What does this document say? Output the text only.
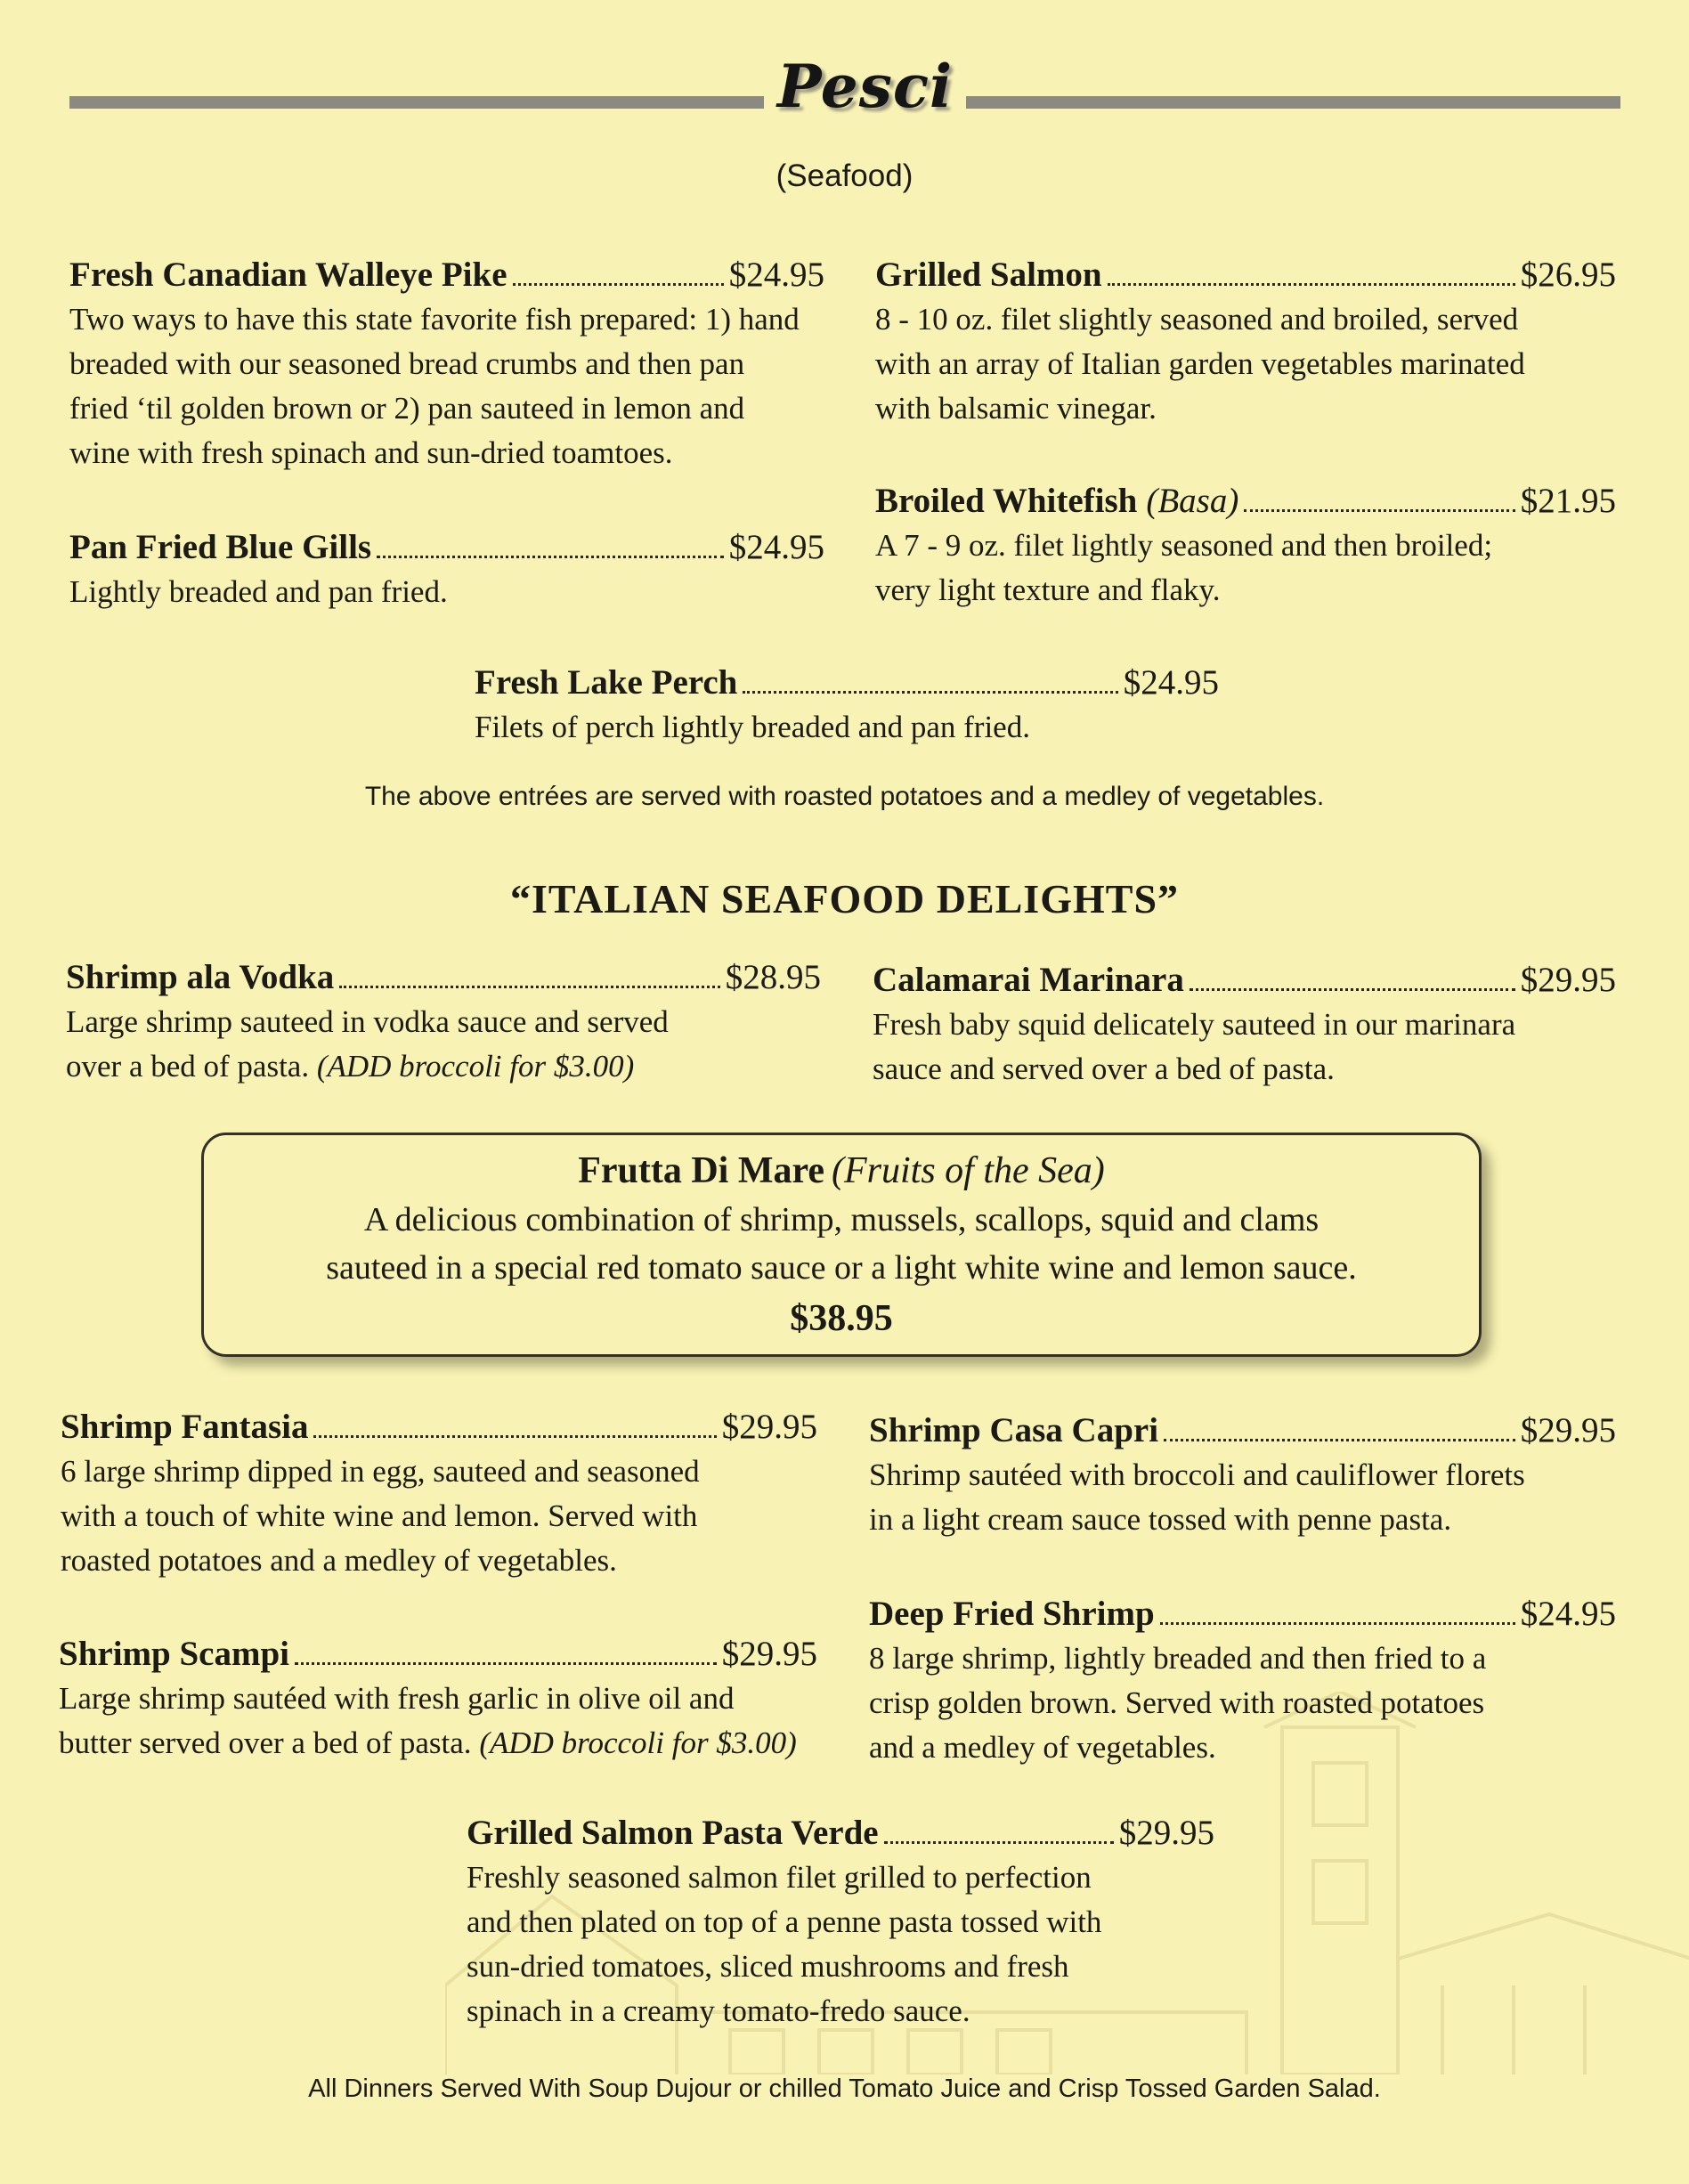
Pesci
(Seafood)
Fresh Canadian Walleye Pike	$24.95
Two ways to have this state favorite fish prepared: 1) hand
breaded with our seasoned bread crumbs and then pan
fried ‘til golden brown or 2) pan sauteed in lemon and
wine with fresh spinach and sun-dried toamtoes.
Pan Fried Blue Gills	$24.95
Lightly breaded and pan fried.
Grilled Salmon	$26.95
8 - 10 oz. filet slightly seasoned and broiled, served
with an array of Italian garden vegetables marinated
with balsamic vinegar.
Broiled Whitefish (Basa)	$21.95
A 7 - 9 oz. filet lightly seasoned and then broiled;
very light texture and flaky.
Fresh Lake Perch	$24.95
Filets of perch lightly breaded and pan fried.
The above entrées are served with roasted potatoes and a medley of vegetables.
“ITALIAN SEAFOOD DELIGHTS”
Shrimp ala Vodka	$28.95
Large shrimp sauteed in vodka sauce and served
over a bed of pasta. (ADD broccoli for $3.00)
Calamarai Marinara	$29.95
Fresh baby squid delicately sauteed in our marinara
sauce and served over a bed of pasta.
Frutta Di Mare (Fruits of the Sea)
A delicious combination of shrimp, mussels, scallops, squid and clams
sauteed in a special red tomato sauce or a light white wine and lemon sauce.
$38.95
Shrimp Fantasia	$29.95
6 large shrimp dipped in egg, sauteed and seasoned
with a touch of white wine and lemon. Served with
roasted potatoes and a medley of vegetables.
Shrimp Scampi	$29.95
Large shrimp sautéed with fresh garlic in olive oil and
butter served over a bed of pasta. (ADD broccoli for $3.00)
Shrimp Casa Capri	$29.95
Shrimp sautéed with broccoli and cauliflower florets
in a light cream sauce tossed with penne pasta.
Deep Fried Shrimp	$24.95
8 large shrimp, lightly breaded and then fried to a
crisp golden brown. Served with roasted potatoes
and a medley of vegetables.
Grilled Salmon Pasta Verde	$29.95
Freshly seasoned salmon filet grilled to perfection
and then plated on top of a penne pasta tossed with
sun-dried tomatoes, sliced mushrooms and fresh
spinach in a creamy tomato-fredo sauce.
All Dinners Served With Soup Dujour or chilled Tomato Juice and Crisp Tossed Garden Salad.
